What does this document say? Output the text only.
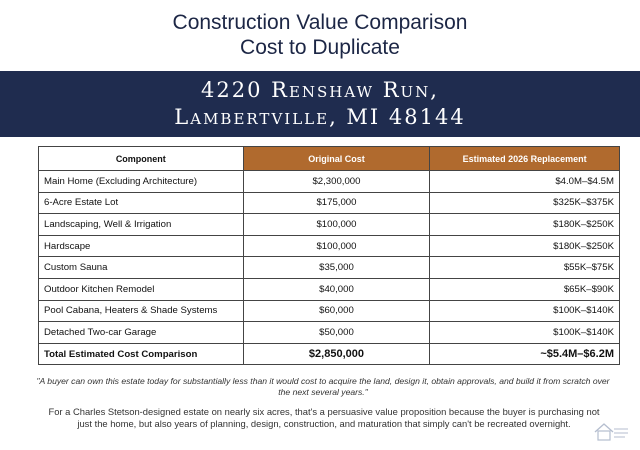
Construction Value Comparison
Cost to Duplicate
4220 Renshaw Run,
Lambertville, MI 48144
Component	Original Cost	Estimated 2026 Replacement
Main Home (Excluding Architecture)	$2,300,000	$4.0M–$4.5M
6-Acre Estate Lot	$175,000	$325K–$375K
Landscaping, Well & Irrigation	$100,000	$180K–$250K
Hardscape	$100,000	$180K–$250K
Custom Sauna	$35,000	$55K–$75K
Outdoor Kitchen Remodel	$40,000	$65K–$90K
Pool Cabana, Heaters & Shade Systems	$60,000	$100K–$140K
Detached Two-car Garage	$50,000	$100K–$140K
Total Estimated Cost Comparison	$2,850,000	~$5.4M–$6.2M
"A buyer can own this estate today for substantially less than it would cost to acquire the land, design it, obtain approvals, and build it from scratch over the next several years."
For a Charles Stetson-designed estate on nearly six acres, that's a persuasive value proposition because the buyer is purchasing not just the home, but also years of planning, design, construction, and maturation that simply can't be recreated overnight.
